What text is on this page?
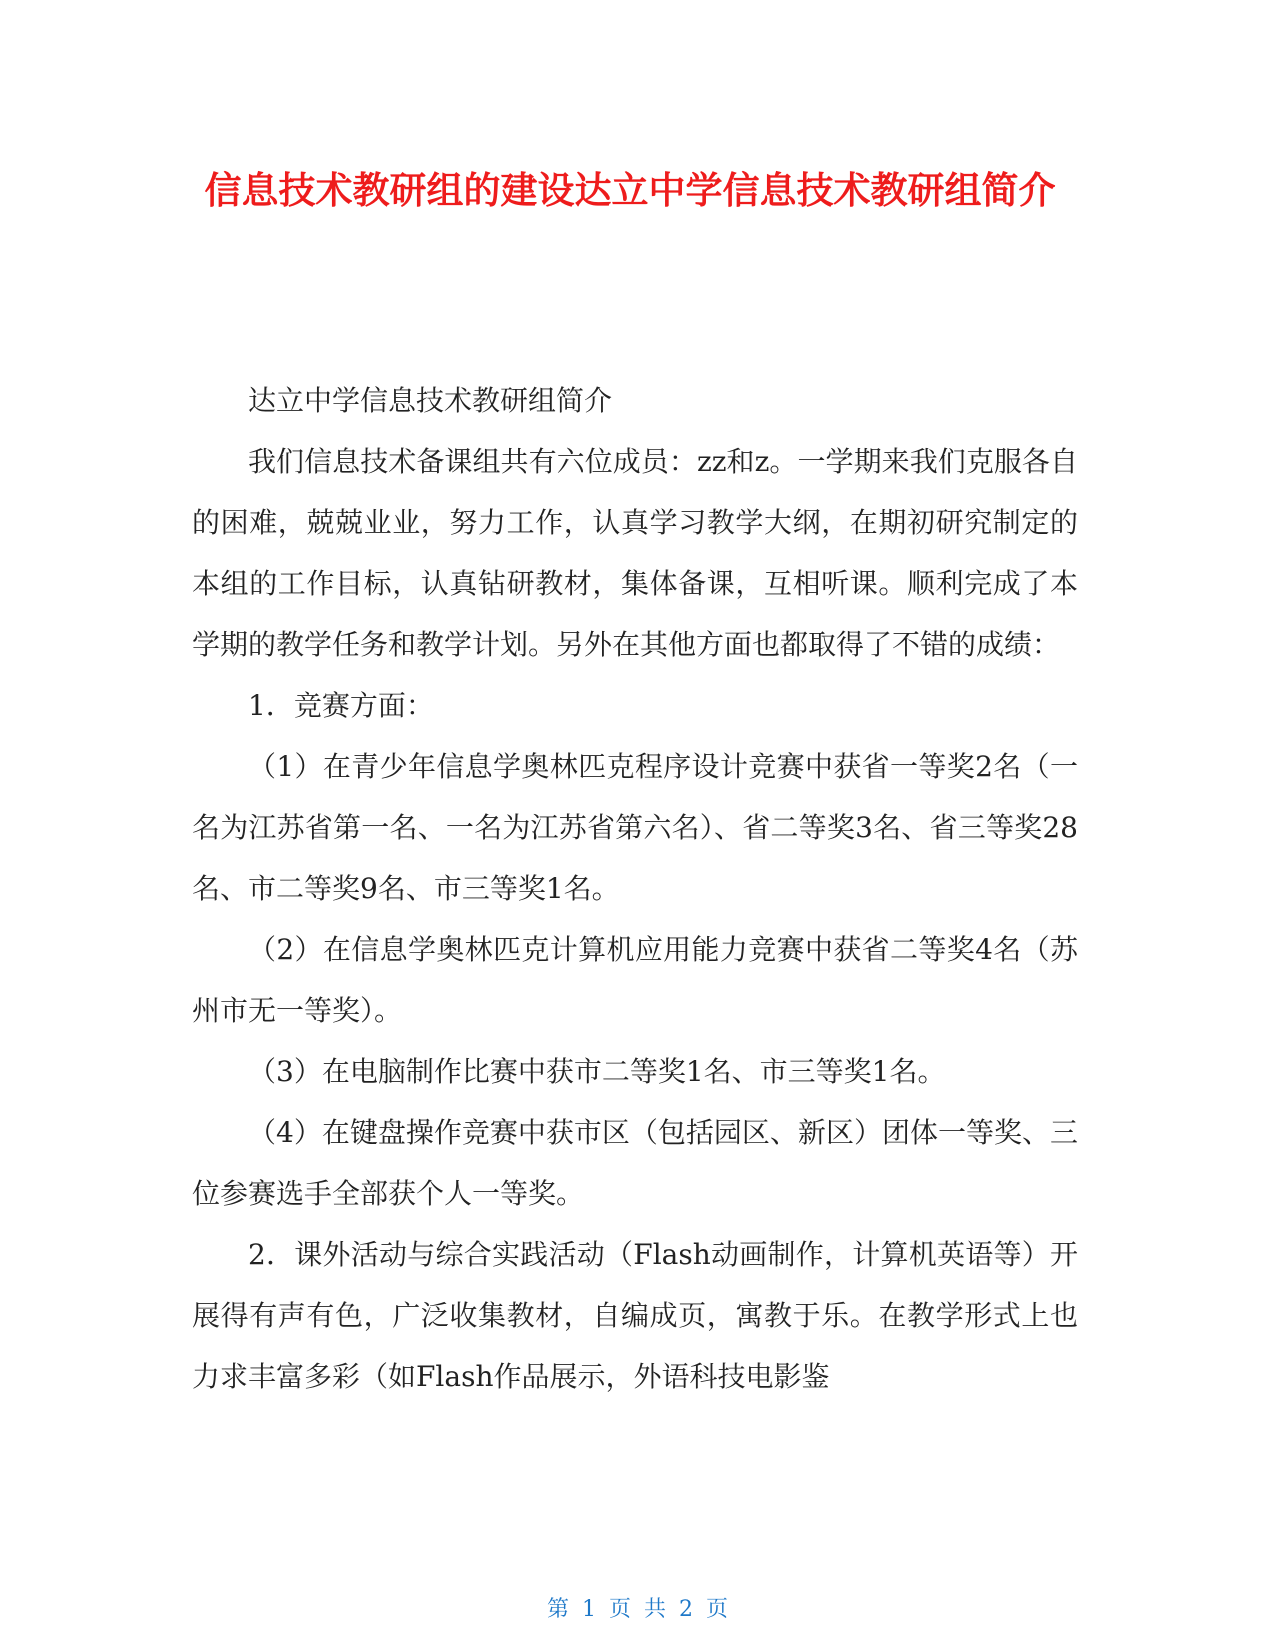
信息技术教研组的建设达立中学信息技术教研组简介

达立中学信息技术教研组简介

我们信息技术备课组共有六位成员：zz和z。一学期来我们克服各自的困难，兢兢业业，努力工作，认真学习教学大纲，在期初研究制定的本组的工作目标，认真钻研教材，集体备课，互相听课。顺利完成了本学期的教学任务和教学计划。另外在其他方面也都取得了不错的成绩：

1．竞赛方面：

（1）在青少年信息学奥林匹克程序设计竞赛中获省一等奖2名（一名为江苏省第一名、一名为江苏省第六名）、省二等奖3名、省三等奖28名、市二等奖9名、市三等奖1名。

（2）在信息学奥林匹克计算机应用能力竞赛中获省二等奖4名（苏州市无一等奖）。

（3）在电脑制作比赛中获市二等奖1名、市三等奖1名。

（4）在键盘操作竞赛中获市区（包括园区、新区）团体一等奖、三位参赛选手全部获个人一等奖。

2．课外活动与综合实践活动（Flash动画制作，计算机英语等）开展得有声有色，广泛收集教材，自编成页，寓教于乐。在教学形式上也力求丰富多彩（如Flash作品展示，外语科技电影鉴

第 1 页 共 2 页
